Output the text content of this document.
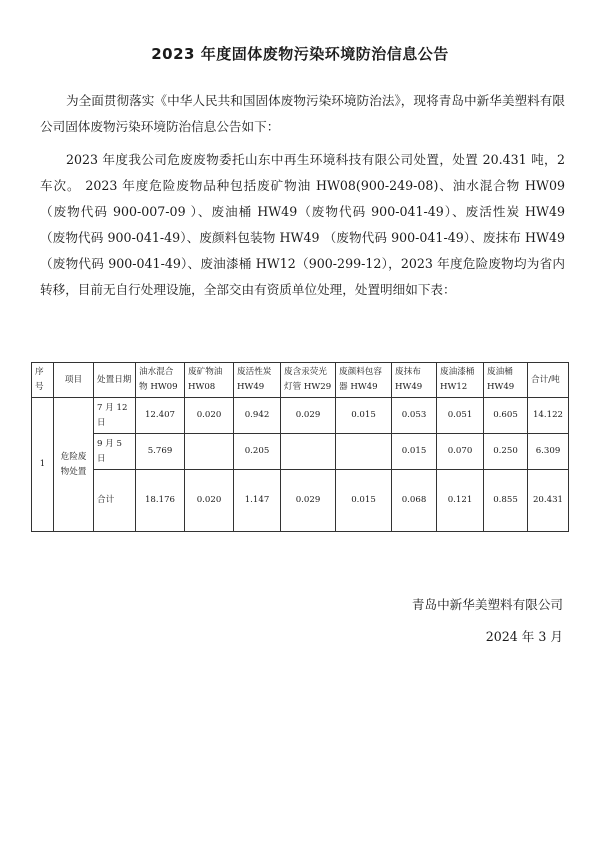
2023 年度固体废物污染环境防治信息公告

为全面贯彻落实《中华人民共和国固体废物污染环境防治法》，现将青岛中新华美塑料有限公司固体废物污染环境防治信息公告如下：

2023 年度我公司危废废物委托山东中再生环境科技有限公司处置，处置 20.431 吨，2 车次。 2023 年度危险废物品种包括废矿物油 HW08(900-249-08)、油水混合物 HW09（废物代码 900-007-09 ）、废油桶 HW49（废物代码 900-041-49）、废活性炭 HW49 （废物代码 900-041-49）、废颜料包装物 HW49 （废物代码 900-041-49）、废抹布 HW49 （废物代码 900-041-49）、废油漆桶 HW12（900-299-12），2023 年度危险废物均为省内转移，目前无自行处理设施，全部交由有资质单位处理，处置明细如下表：

序号	项目	处置日期	油水混合物 HW09	废矿物油 HW08	废活性炭 HW49	废含汞荧光灯管 HW29	废颜料包容器 HW49	废抹布 HW49	废油漆桶 HW12	废油桶 HW49	合计/吨
1	危险废物处置	7 月 12 日	12.407	0.020	0.942	0.029	0.015	0.053	0.051	0.605	14.122
		9 月 5 日	5.769		0.205			0.015	0.070	0.250	6.309
		合计	18.176	0.020	1.147	0.029	0.015	0.068	0.121	0.855	20.431
青岛中新华美塑料有限公司
2024 年 3 月
